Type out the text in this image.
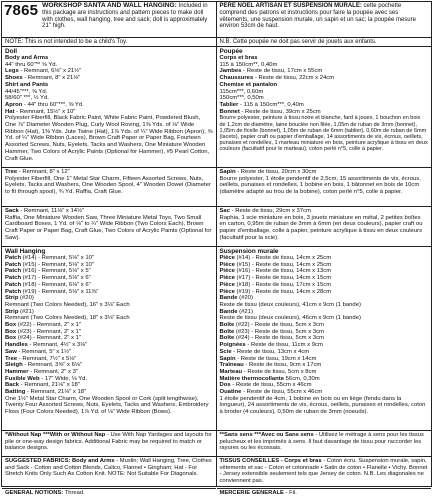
7865 WORKSHOP SANTA AND WALL HANGING: Included in this package are instructions and pattern pieces to make doll with clothes, wall hanging, tree and sack; doll is approximately 21" high.
NOTE: This is not intended to be a child's Toy.
Doll
Body and Arms
44" thru 60"** ⅝ Yd.
Legs - Remnant, 6⅛" x 21½"
Shoes - Remnant, 8" x 21⅛"
Shirt and Pants
44/45"***, ⅝ Yd.
58/60" ***, ½ Yd.
Apron - 44" thru 60"***, ⅜ Yd.
Hat - Remnant, 15½" x 10"
Polyester Fiberfill, Black Fabric Paint, White Fabric Paint, Powdered Blush, One ⅞" Diameter Wooden Plug, Curly Wool Roving, 1⅜ Yds. of ⅛" Wide Ribbon (Hat), 1⅜ Yds. Jute Twine (Hat), 1⅞ Yds. of ¼" Wide Ribbon (Apron), ⅝ Yd. of ¼" Wide Ribbon (Laces), Brown Craft Paper or Paper Bag, Fourteen Assorted Screws, Nuts, Eyelets, Tacks and Washers, One Miniature Wooden Hammer, Two Colors of Acrylic Paints (Optional for Hammer), #5 Pearl Cotton, Craft Glue.
Tree - Remnant, 8" x 12"
Polyester Fiberfill, One 1" Metal Star Charm, Fifteen Assorted Screws, Nuts, Eyelets, Tacks and Washers, One Wooden Spool, 4" Wooden Dowel (Diameter to fit through spool), ¾ Yd. Raffia, Craft Glue.
Sack - Remnant, 11⅛" x 14½"
Raffia, One Miniature Wooden Saw, Three Miniature Metal Toys, Two Small Cardboard Boxes, 1 Yd. of ⅛" to ¼" Wide Ribbon (Two Colors Each), Brown Craft Paper or Paper Bag, Craft Glue, Two Colors of Acrylic Paints (Optional for Saw).
Wall Hanging
Patch (#14) - Remnant, 5⅛" x 10"
Patch (#15) - Remnant, 5⅛" x 10"
Patch (#16) - Remnant, 5⅛" x 5"
Patch (#17) - Remnant, 5⅛" x 6"
Patch (#18) - Remnant, 6⅛" x 6"
Patch (#19) - Remnant, 5⅛" x 11⅜"
Strip (#20)
Remnant (Two Colors Needed), 16" x 3⅛" Each
Strip (#21)
Remnant (Two Colors Needed), 18" x 3⅛" Each
Box (#22) - Remnant, 2" x 1"
Box (#23) - Remnant, 2" x 1"
Box (#24) - Remnant, 2" x 1"
Handles - Remnant, 4½" x 3⅛"
Saw - Remnant, 5" x 1½"
Tree - Remnant, 7½" x 5⅛"
Sleigh - Remnant, 3⅝" x 6⅛"
Hammer - Remnant, 2" x 3"
Fusible Web - 17" Wide, ⅛ Yd.
Back - Remnant, 21⅛" x 18"
Batting - Remnant, 21⅛" x 18"
One 1½" Metal Star Charm, One Wooden Spool or Cork (split lengthwise), Twenty Four Assorted Screws, Nuts, Eyelets, Tacks and Washers, Embroidery Floss (Four Colors Needed), 1⅞ Yd. of ⅛" Wide Ribbon (Bows).
*Without Nap ***With or Without Nap - Use With Nap Yardages and layouts for pile or one-way design fabrics. Additional Fabric may be required to match or balance designs.
SUGGESTED FABRICS: Body and Arms - Muslin; Wall Hanging, Tree, Clothes and Sack - Cotton and Cotton Blends, Calico, Flannel • Gingham; Hat - For Stretch Knits Only Such As Cotton Knit. NOTE: Not Suitable For Diagonals.
GENERAL NOTIONS: Thread.
PERE NOEL ARTISAN ET SUSPENSION MURALE: cette pochette comprend des patrons et instructions pour faire la poupée avec ses vêtements, une suspension murale, un sapin et un sac; la poupée mesure environ 53cm de haut.
N.B. Cette poupée ne doit pas servir de jouets aux enfants.
Poupée
Corps et bras
115 à 150cm**, 0,40m
Jambes - Reste de tissu, 17cm x 55cm
Chaussures - Reste de tissu, 22cm x 24cm
Chemise et pantalon
115cm***, 0,60m
150cm***, 0,50m
Tablier - 115 à 150cm***, 0,40m
Bonnet - Reste de tissu, 39cm x 25cm
Bourre polyester, peinture à tissu noire et blanche, fard à joues, 1 bouchon en bois de 1,2cm de diamètre, laine bouclée non filée, 1,05m de ruban de 3mm (bonnet), 1,05m de ficelle (bonnet), 1,05m de ruban de 6mm (tablier), 0,60m de ruban de 6mm (lacets), papier craft ou papier d'emballage, 14 assortiments de vis, écrous, oeillets, punaises et rondelles, 1 marteau miniature en bois, peinture acrylique à tissu en deux couleurs (facultatif pour le marteau), coton perlé n°5, colle à papier.
Sapin - Reste de tissu, 20cm x 30cm
Bourre polyester, 1 étoile pendentif de 2,5cm, 15 assortiments de vis, écrous, oeillets, punaises et rondelles, 1 bobine en bois, 1 bâtonnet en bois de 10cm (diamètre adapté au trou de la bobine), coton perlé n°5, colle à papier.
Sac - Reste de tissu, 29cm x 37cm
Raphia, 1 scie miniature en bois, 3 jouets miniature en métal, 2 petites boîtes en carton, 0,95m de ruban de 3mm à 6mm (en deux couleurs), papier craft ou papier d'emballage, colle à papier, peinture acrylique à tissu en deux couleurs (facultatif pour la scie).
Suspension murale
Pièce (#14) - Reste de tissu, 14cm x 25cm
Pièce (#15) - Reste de tissu, 14cm x 25cm
Pièce (#16) - Reste de tissu, 14cm x 13cm
Pièce (#17) - Reste de tissu, 14cm x 15cm
Pièce (#18) - Reste de tissu, 17cm x 15cm
Pièce (#19) - Reste de tissu, 14cm x 28cm
Bande (#20)
Reste de tissu (deux couleurs), 41cm x 9cm (1 bande)
Bande (#21)
Reste de tissu (deux couleurs), 46cm x 9cm (1 bande)
Boîte (#22) - Reste de tissu, 5cm x 3cm
Boîte (#23) - Reste de tissu, 5cm x 3cm
Boîte (#24) - Reste de tissu, 5cm x 3cm
Poignées - Reste de tissu, 11cm x 9cm
Scie - Reste de tissu, 13cm x 4cm
Sapin - Reste de tissu, 19cm x 14cm
Traîneau - Reste de tissu, 9cm x 17cm
Marteau - Reste de tissu, 5cm x 8cm
Matière thermocollante 56cm, 0,30m
Dos - Reste de tissu, 55cm x 46cm
Ouatine - Reste de tissu, 55cm x 46cm
1 étoile pendentif de 4cm, 1 bobine en bois ou en liège (fendu dans la longueur), 24 assortiments de vis, écrous, oeillets, punaises et rondelles, coton à broder (4 couleurs), 0,50m de ruban de 3mm (noeuds).
**Sans sens ***Avec ou Sans sens - Utilisez le métrage à sens pour les tissus pelucheux et les imprimés à sens. Il faut davantage de tissu pour raccorder les rayures ou les écossais.
TISSUS CONSEILLES - Corps et bras - Coton écru. Suspension murale, sapin, vêtements et sac - Coton et cotonnade • Satin de coton • Flanelle • Vichy. Bonnet - Jersey extensible seulement tels que Jersey de coton. N.B. Les diagonales ne conviennent pas.
MERCERIE GENERALE - Fil.
